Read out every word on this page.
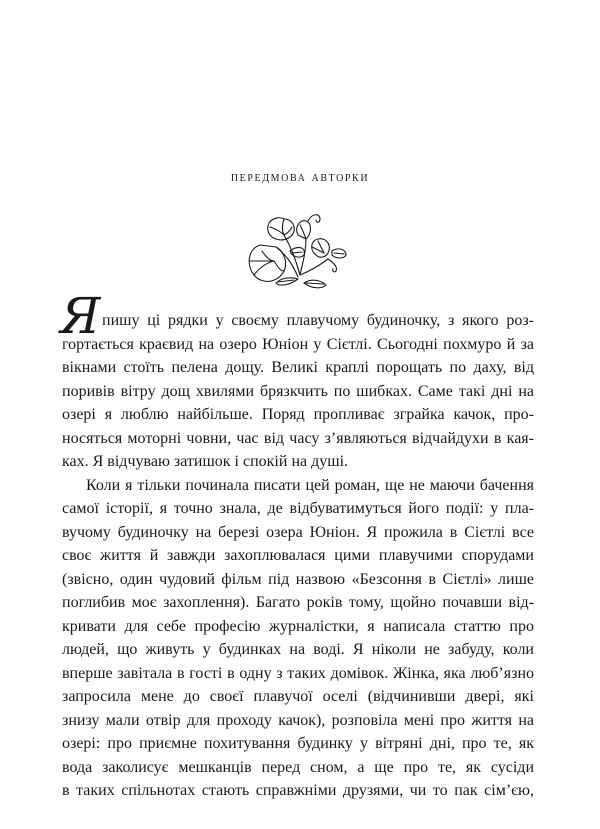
передмова авторки

Я пишу ці рядки у своєму плавучому будиночку, з якого роз-
гортається краєвид на озеро Юніон у Сієтлі. Сьогодні похмуро й за
вікнами стоїть пелена дощу. Великі краплі порощать по даху, від
поривів вітру дощ хвилями брязкчить по шибках. Саме такі дні на
озері я люблю найбільше. Поряд пропливає зграйка качок, про-
носяться моторні човни, час від часу з’являються відчайдухи в кая-
ках. Я відчуваю затишок і спокій на душі.

Коли я тільки починала писати цей роман, ще не маючи бачення
самої історії, я точно знала, де відбуватимуться його події: у пла-
вучому будиночку на березі озера Юніон. Я прожила в Сієтлі все
своє життя й завжди захоплювалася цими плавучими спорудами
(звісно, один чудовий фільм під назвою «Безсоння в Сієтлі» лише
поглибив моє захоплення). Багато років тому, щойно почавши від-
кривати для себе професію журналістки, я написала статтю про
людей, що живуть у будинках на воді. Я ніколи не забуду, коли
вперше завітала в гості в одну з таких домівок. Жінка, яка люб’язно
запросила мене до своєї плавучої оселі (відчинивши двері, які
знизу мали отвір для проходу качок), розповіла мені про життя на
озері: про приємне похитування будинку у вітряні дні, про те, як
вода заколисує мешканців перед сном, а ще про те, як сусіди
в таких спільнотах стають справжніми друзями, чи то пак сім’єю,
